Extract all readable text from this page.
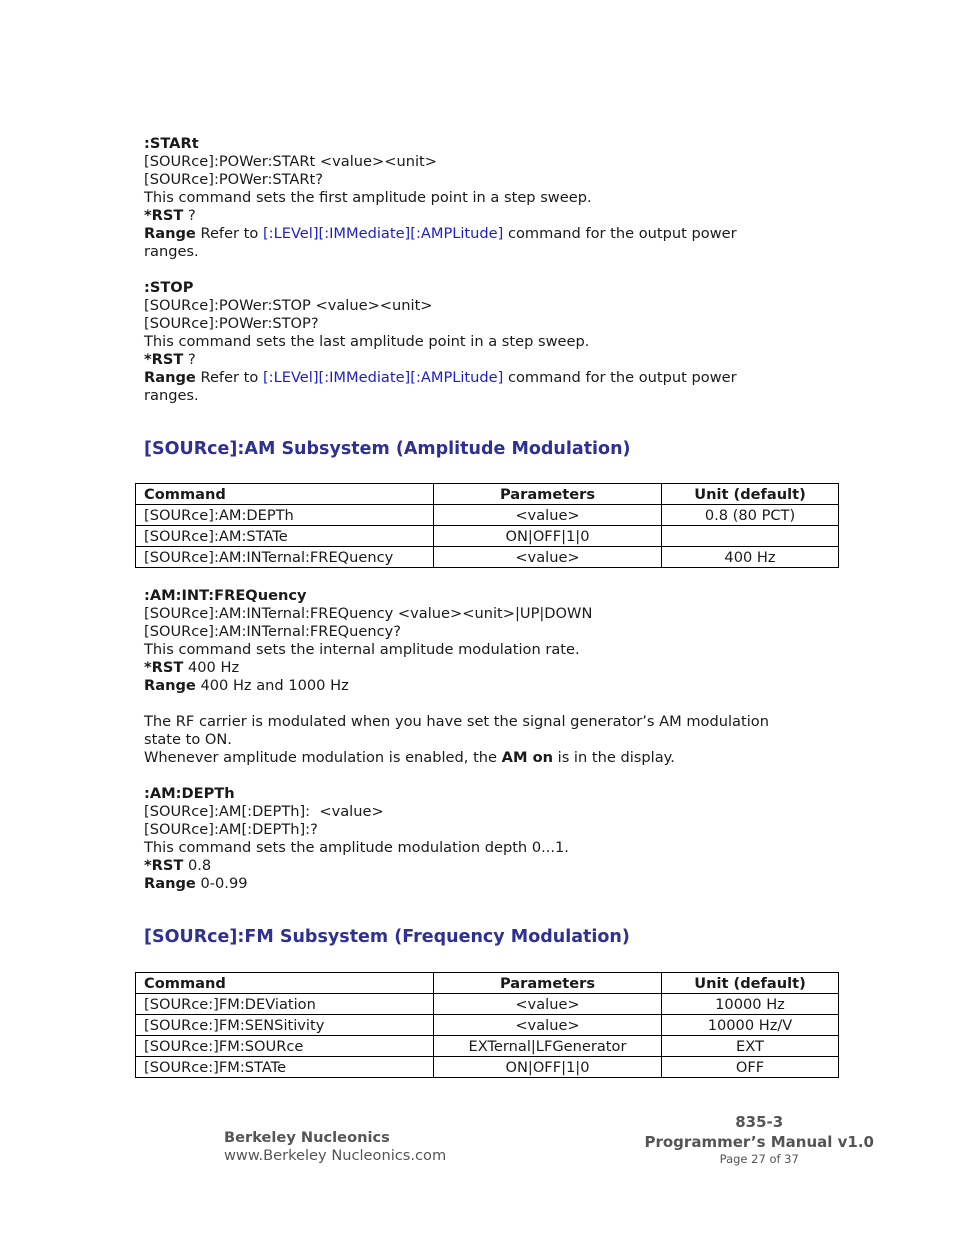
:STARt
[SOURce]:POWer:STARt <value><unit>
[SOURce]:POWer:STARt?
This command sets the first amplitude point in a step sweep.
*RST ?
Range Refer to [:LEVel][:IMMediate][:AMPLitude] command for the output power
ranges.
:STOP
[SOURce]:POWer:STOP <value><unit>
[SOURce]:POWer:STOP?
This command sets the last amplitude point in a step sweep.
*RST ?
Range Refer to [:LEVel][:IMMediate][:AMPLitude] command for the output power
ranges.
[SOURce]:AM Subsystem (Amplitude Modulation)
Command	Parameters	Unit (default)
[SOURce]:AM:DEPTh	<value>	0.8 (80 PCT)
[SOURce]:AM:STATe	ON|OFF|1|0	
[SOURce]:AM:INTernal:FREQuency	<value>	400 Hz
:AM:INT:FREQuency
[SOURce]:AM:INTernal:FREQuency <value><unit>|UP|DOWN
[SOURce]:AM:INTernal:FREQuency?
This command sets the internal amplitude modulation rate.
*RST 400 Hz
Range 400 Hz and 1000 Hz
The RF carrier is modulated when you have set the signal generator’s AM modulation
state to ON.
Whenever amplitude modulation is enabled, the AM on is in the display.
:AM:DEPTh
[SOURce]:AM[:DEPTh]:  <value>
[SOURce]:AM[:DEPTh]:?
This command sets the amplitude modulation depth 0...1.
*RST 0.8
Range 0-0.99
[SOURce]:FM Subsystem (Frequency Modulation)
Command	Parameters	Unit (default)
[SOURce:]FM:DEViation	<value>	10000 Hz
[SOURce:]FM:SENSitivity	<value>	10000 Hz/V
[SOURce:]FM:SOURce	EXTernal|LFGenerator	EXT
[SOURce:]FM:STATe	ON|OFF|1|0	OFF
Berkeley Nucleonics
www.Berkeley Nucleonics.com
835-3
Programmer’s Manual v1.0
Page 27 of 37
